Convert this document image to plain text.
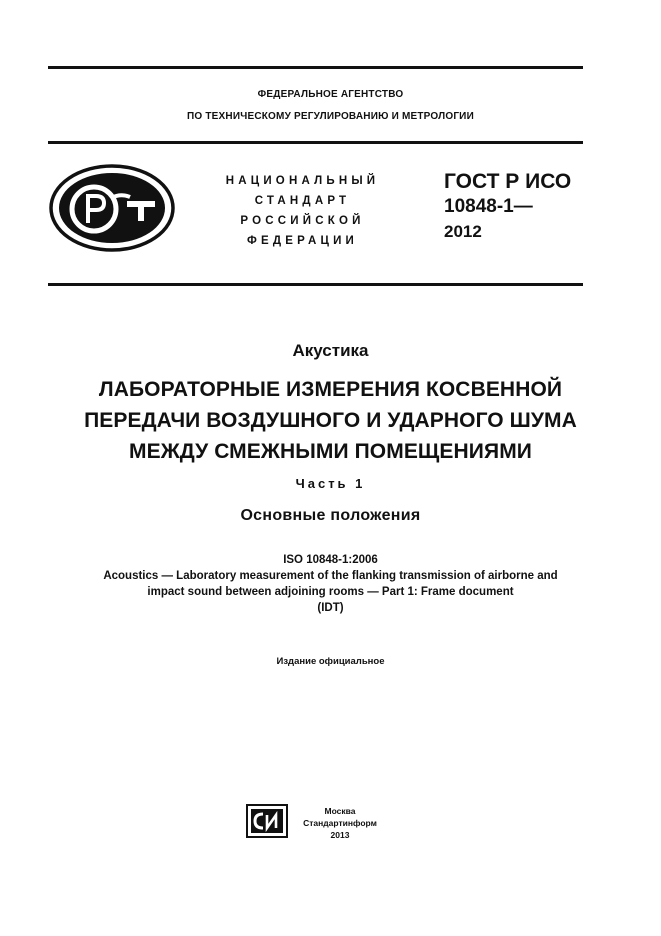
ФЕДЕРАЛЬНОЕ АГЕНТСТВО
ПО ТЕХНИЧЕСКОМУ РЕГУЛИРОВАНИЮ И МЕТРОЛОГИИ
НАЦИОНАЛЬНЫЙ
СТАНДАРТ
РОССИЙСКОЙ
ФЕДЕРАЦИИ
ГОСТ Р ИСО
10848-1—
2012
Акустика
ЛАБОРАТОРНЫЕ ИЗМЕРЕНИЯ КОСВЕННОЙ
ПЕРЕДАЧИ ВОЗДУШНОГО И УДАРНОГО ШУМА
МЕЖДУ СМЕЖНЫМИ ПОМЕЩЕНИЯМИ
Часть 1
Основные положения
ISO 10848-1:2006
Acoustics — Laboratory measurement of the flanking transmission of airborne and
impact sound between adjoining rooms — Part 1: Frame document
(IDT)
Издание официальное
Москва
Стандартинформ
2013
